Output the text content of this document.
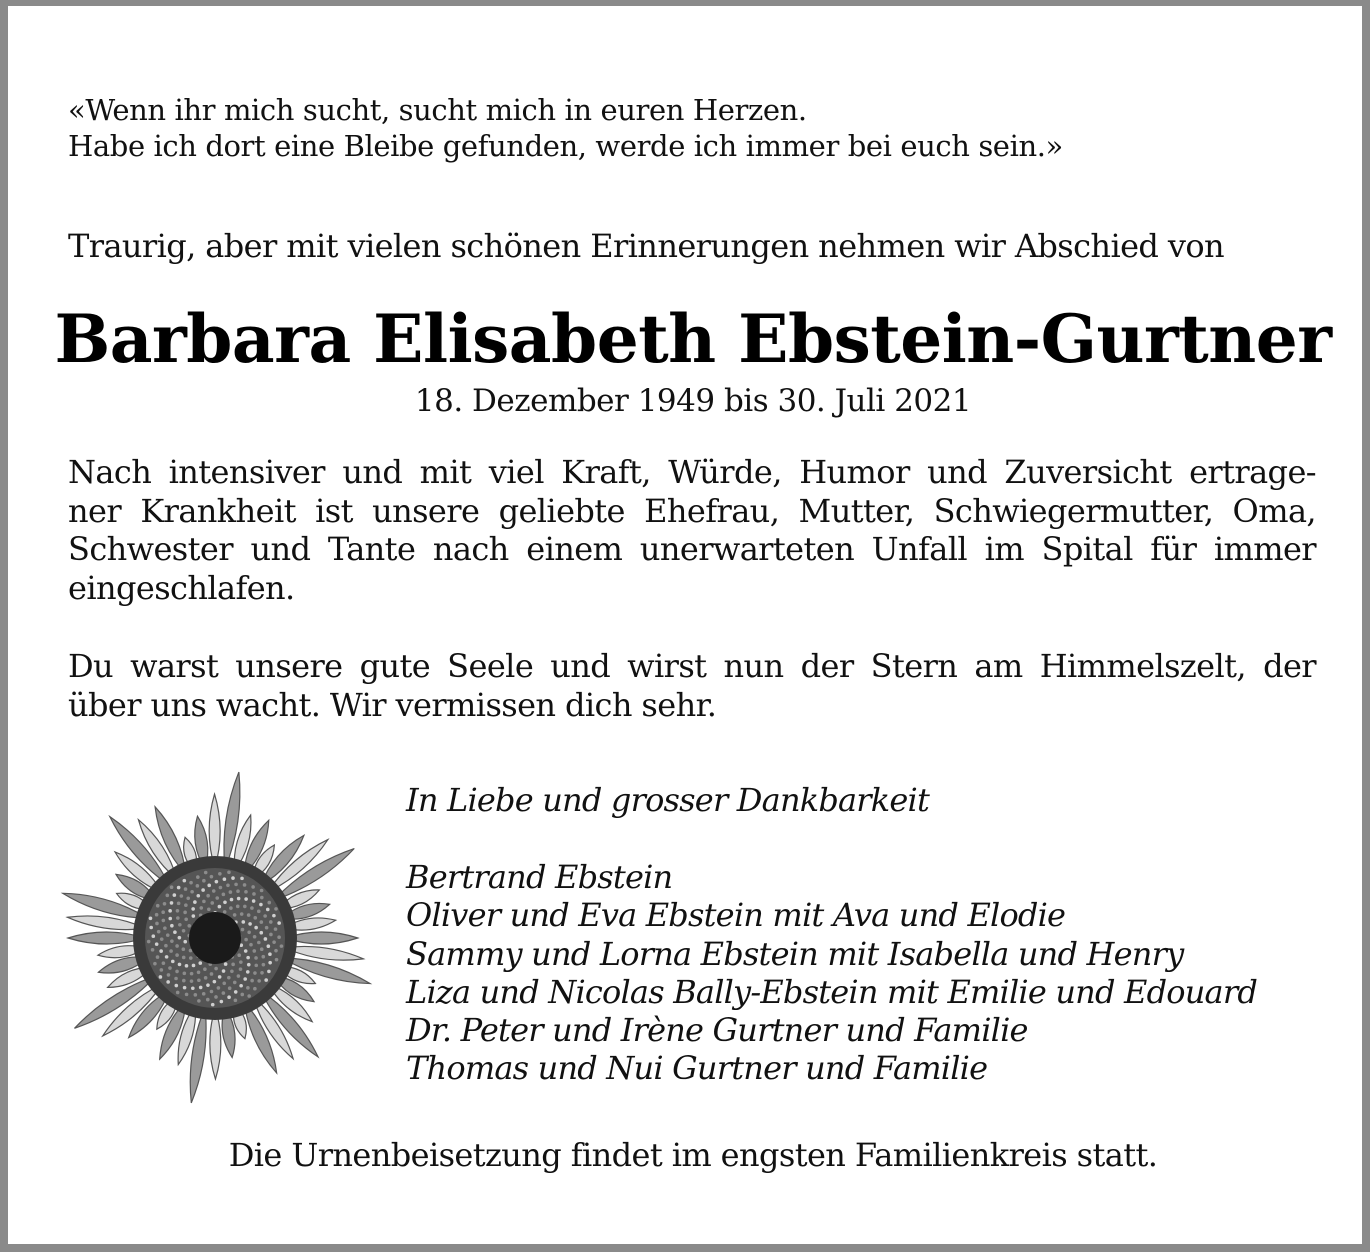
«Wenn ihr mich sucht, sucht mich in euren Herzen.
Habe ich dort eine Bleibe gefunden, werde ich immer bei euch sein.»
Traurig, aber mit vielen schönen Erinnerungen nehmen wir Abschied von
Barbara Elisabeth Ebstein-Gurtner
18. Dezember 1949 bis 30. Juli 2021
Nach intensiver und mit viel Kraft, Würde, Humor und Zuversicht ertrage-
ner Krankheit ist unsere geliebte Ehefrau, Mutter, Schwiegermutter, Oma,
Schwester und Tante nach einem unerwarteten Unfall im Spital für immer
eingeschlafen.
Du warst unsere gute Seele und wirst nun der Stern am Himmelszelt, der
über uns wacht. Wir vermissen dich sehr.
In Liebe und grosser Dankbarkeit
Bertrand Ebstein
Oliver und Eva Ebstein mit Ava und Elodie
Sammy und Lorna Ebstein mit Isabella und Henry
Liza und Nicolas Bally-Ebstein mit Emilie und Edouard
Dr. Peter und Irène Gurtner und Familie
Thomas und Nui Gurtner und Familie
Die Urnenbeisetzung findet im engsten Familienkreis statt.
